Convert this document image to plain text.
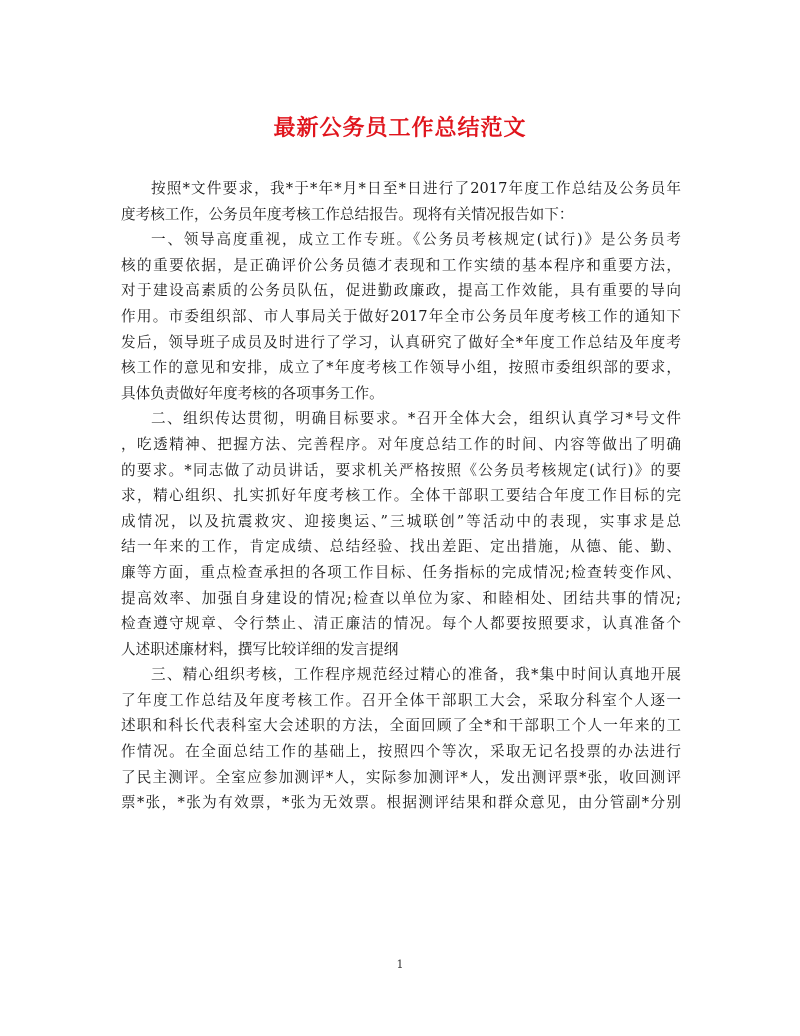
最新公务员工作总结范文
按照*文件要求，我*于*年*月*日至*日进行了2017年度工作总结及公务员年
度考核工作，公务员年度考核工作总结报告。现将有关情况报告如下：
一、领导高度重视，成立工作专班。《公务员考核规定(试行)》是公务员考
核的重要依据，是正确评价公务员德才表现和工作实绩的基本程序和重要方法，
对于建设高素质的公务员队伍，促进勤政廉政，提高工作效能，具有重要的导向
作用。市委组织部、市人事局关于做好2017年全市公务员年度考核工作的通知下
发后，领导班子成员及时进行了学习，认真研究了做好全*年度工作总结及年度考
核工作的意见和安排，成立了*年度考核工作领导小组，按照市委组织部的要求，
具体负责做好年度考核的各项事务工作。
二、组织传达贯彻，明确目标要求。*召开全体大会，组织认真学习*号文件
，吃透精神、把握方法、完善程序。对年度总结工作的时间、内容等做出了明确
的要求。*同志做了动员讲话，要求机关严格按照《公务员考核规定(试行)》的要
求，精心组织、扎实抓好年度考核工作。全体干部职工要结合年度工作目标的完
成情况，以及抗震救灾、迎接奥运、”三城联创”等活动中的表现，实事求是总
结一年来的工作，肯定成绩、总结经验、找出差距、定出措施，从德、能、勤、
廉等方面，重点检查承担的各项工作目标、任务指标的完成情况;检查转变作风、
提高效率、加强自身建设的情况;检查以单位为家、和睦相处、团结共事的情况;
检查遵守规章、令行禁止、清正廉洁的情况。每个人都要按照要求，认真准备个
人述职述廉材料，撰写比较详细的发言提纲
三、精心组织考核，工作程序规范经过精心的准备，我*集中时间认真地开展
了年度工作总结及年度考核工作。召开全体干部职工大会，采取分科室个人逐一
述职和科长代表科室大会述职的方法，全面回顾了全*和干部职工个人一年来的工
作情况。在全面总结工作的基础上，按照四个等次，采取无记名投票的办法进行
了民主测评。全室应参加测评*人，实际参加测评*人，发出测评票*张，收回测评
票*张，*张为有效票，*张为无效票。根据测评结果和群众意见，由分管副*分别
1
